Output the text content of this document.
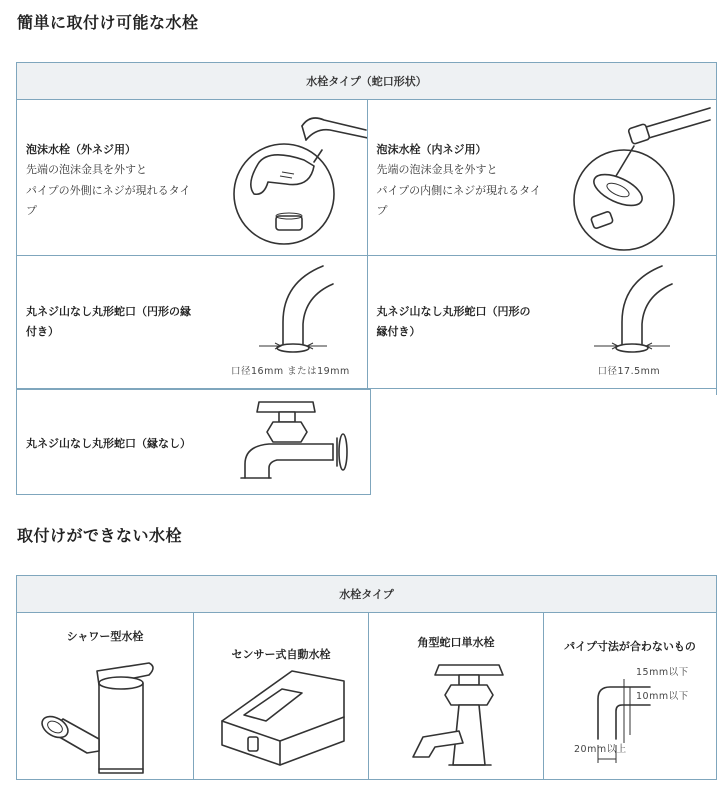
簡単に取付け可能な水栓
水栓タイプ（蛇口形状）
泡沫水栓（外ネジ用）
先端の泡沫金具を外すと
パイプの外側にネジが現れるタイ
プ
泡沫水栓（内ネジ用）
先端の泡沫金具を外すと
パイプの内側にネジが現れるタイ
プ
丸ネジ山なし丸形蛇口（円形の縁
付き）
口径16mm または19mm
丸ネジ山なし丸形蛇口（円形の
縁付き）
口径17.5mm
丸ネジ山なし丸形蛇口（縁なし）
取付けができない水栓
水栓タイプ
シャワー型水栓
センサー式自動水栓
角型蛇口単水栓	パイプ寸法が合わないもの
15mm以下
10mm以下
20mm以上
